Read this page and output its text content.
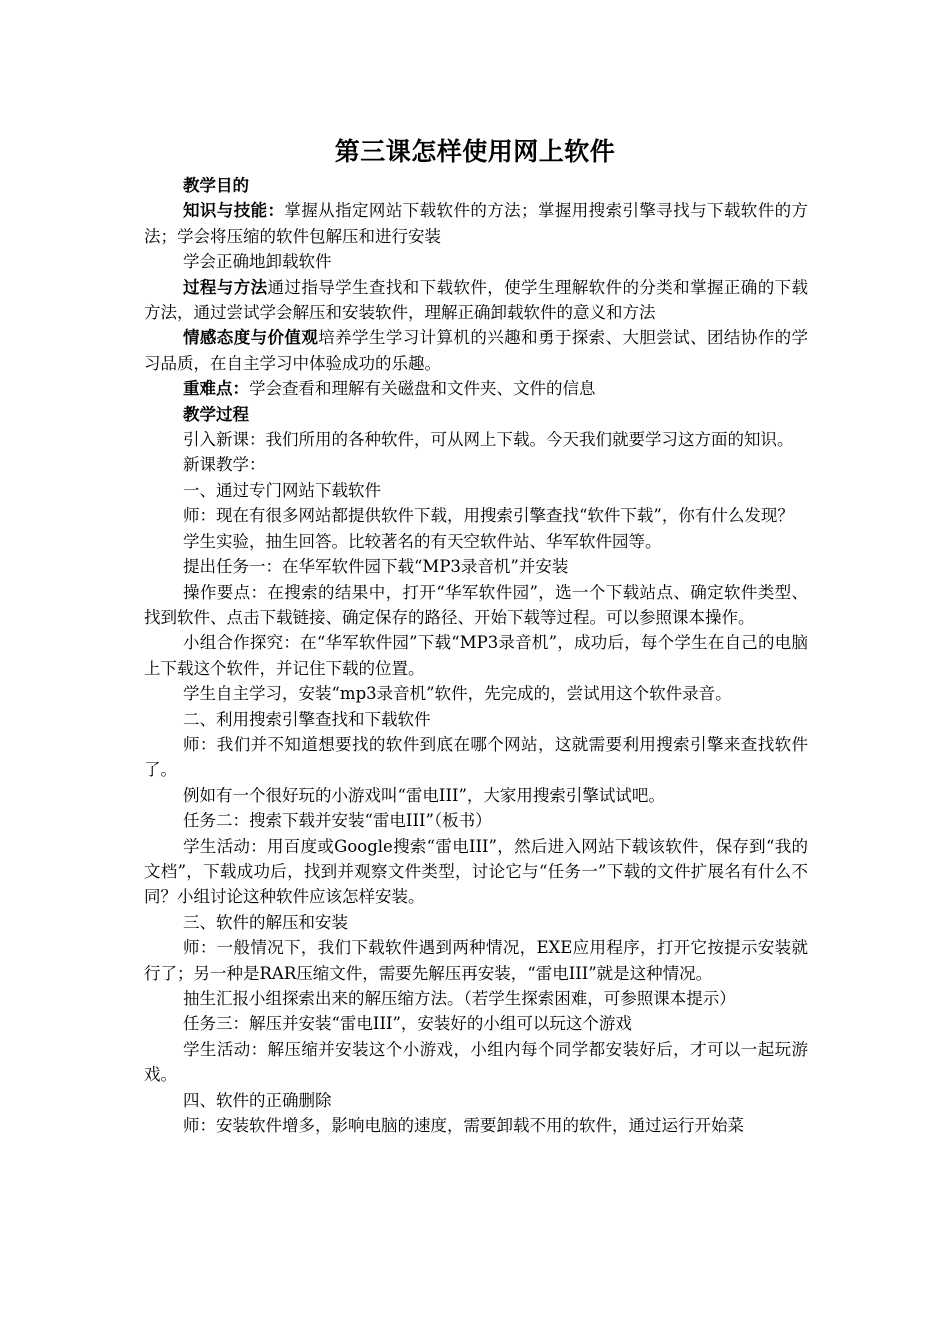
第三课怎样使用网上软件

教学目的

知识与技能：掌握从指定网站下载软件的方法；掌握用搜索引擎寻找与下载软件的方法；学会将压缩的软件包解压和进行安装

学会正确地卸载软件

过程与方法通过指导学生查找和下载软件，使学生理解软件的分类和掌握正确的下载方法，通过尝试学会解压和安装软件，理解正确卸载软件的意义和方法

情感态度与价值观培养学生学习计算机的兴趣和勇于探索、大胆尝试、团结协作的学习品质，在自主学习中体验成功的乐趣。

重难点：学会查看和理解有关磁盘和文件夹、文件的信息

教学过程

引入新课：我们所用的各种软件，可从网上下载。今天我们就要学习这方面的知识。

新课教学：

一、通过专门网站下载软件

师：现在有很多网站都提供软件下载，用搜索引擎查找“软件下载”，你有什么发现？

学生实验，抽生回答。比较著名的有天空软件站、华军软件园等。

提出任务一：在华军软件园下载“MP3录音机”并安装

操作要点：在搜索的结果中，打开“华军软件园”，选一个下载站点、确定软件类型、找到软件、点击下载链接、确定保存的路径、开始下载等过程。可以参照课本操作。

小组合作探究：在“华军软件园”下载“MP3录音机”，成功后，每个学生在自己的电脑上下载这个软件，并记住下载的位置。

学生自主学习，安装“mp3录音机”软件，先完成的，尝试用这个软件录音。

二、利用搜索引擎查找和下载软件

师：我们并不知道想要找的软件到底在哪个网站，这就需要利用搜索引擎来查找软件了。

例如有一个很好玩的小游戏叫“雷电III”，大家用搜索引擎试试吧。

任务二：搜索下载并安装“雷电III”（板书）

学生活动：用百度或Google搜索“雷电III”，然后进入网站下载该软件，保存到“我的文档”，下载成功后，找到并观察文件类型，讨论它与“任务一”下载的文件扩展名有什么不同？小组讨论这种软件应该怎样安装。

三、软件的解压和安装

师：一般情况下，我们下载软件遇到两种情况，EXE应用程序，打开它按提示安装就行了；另一种是RAR压缩文件，需要先解压再安装，“雷电III”就是这种情况。

抽生汇报小组探索出来的解压缩方法。（若学生探索困难，可参照课本提示）

任务三：解压并安装“雷电III”，安装好的小组可以玩这个游戏

学生活动：解压缩并安装这个小游戏，小组内每个同学都安装好后，才可以一起玩游戏。

四、软件的正确删除

师：安装软件增多，影响电脑的速度，需要卸载不用的软件，通过运行开始菜
